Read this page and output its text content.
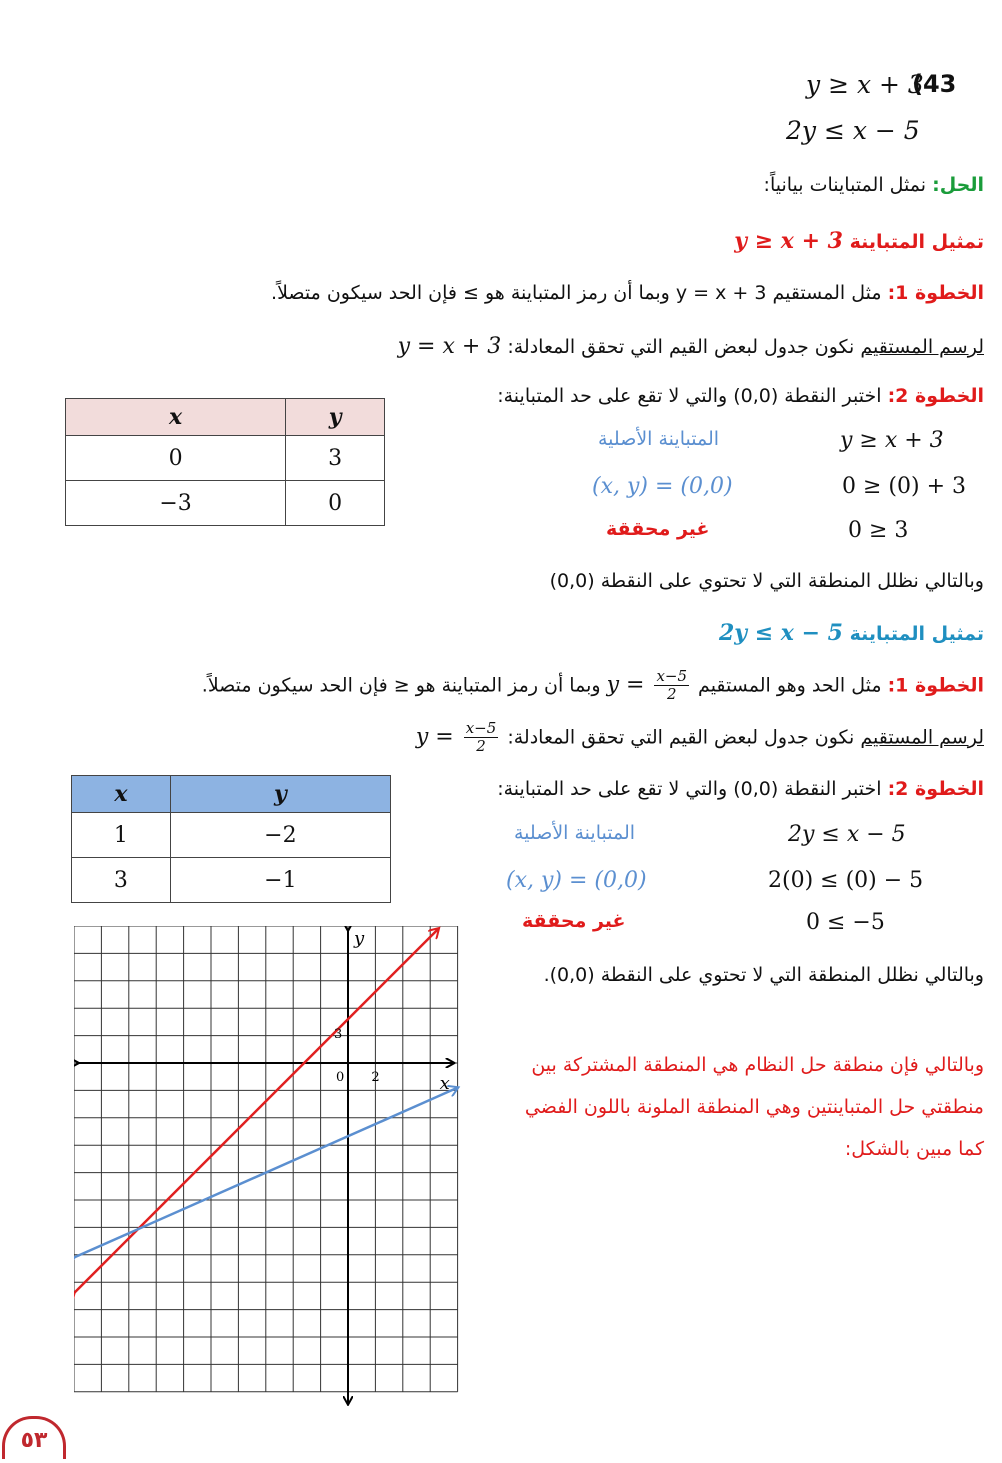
(43
y ≥ x + 3
2y ≤ x − 5
الحل: نمثل المتباينات بيانياً:
تمثيل المتباينة y ≥ x + 3
الخطوة 1: مثل المستقيم y = x + 3 وبما أن رمز المتباينة هو ≥ فإن الحد سيكون متصلاً.
لرسم المستقيم نكون جدول لبعض القيم التي تحقق المعادلة: y = x + 3
الخطوة 2: اختبر النقطة (0,0) والتي لا تقع على حد المتباينة:
المتباينة الأصلية	y ≥ x + 3
(x, y) = (0,0)	0 ≥ (0) + 3
غير محققة	0 ≥ 3
وبالتالي نظلل المنطقة التي لا تحتوي على النقطة (0,0)
x	y
0	3
−3	0
تمثيل المتباينة 2y ≤ x − 5
الخطوة 1: مثل الحد وهو المستقيم $y = \frac{x-5}{2}$
وبما أن رمز المتباينة هو ≤ فإن الحد سيكون متصلاً.
لرسم المستقيم نكون جدول لبعض القيم التي تحقق المعادلة: $y = \frac{x-5}{2}$
الخطوة 2: اختبر النقطة (0,0) والتي لا تقع على حد المتباينة:
المتباينة الأصلية	2y ≤ x − 5
(x, y) = (0,0)	2(0) ≤ (0) − 5
غير محققة	0 ≤ −5
وبالتالي نظلل المنطقة التي لا تحتوي على النقطة (0,0).
x	y
1	−2
3	−1
وبالتالي فإن منطقة حل النظام هي المنطقة المشتركة بين
منطقتي حل المتباينتين وهي المنطقة الملونة باللون الفضي
كما مبين بالشكل:
y
x
0 2
3
٥٣
